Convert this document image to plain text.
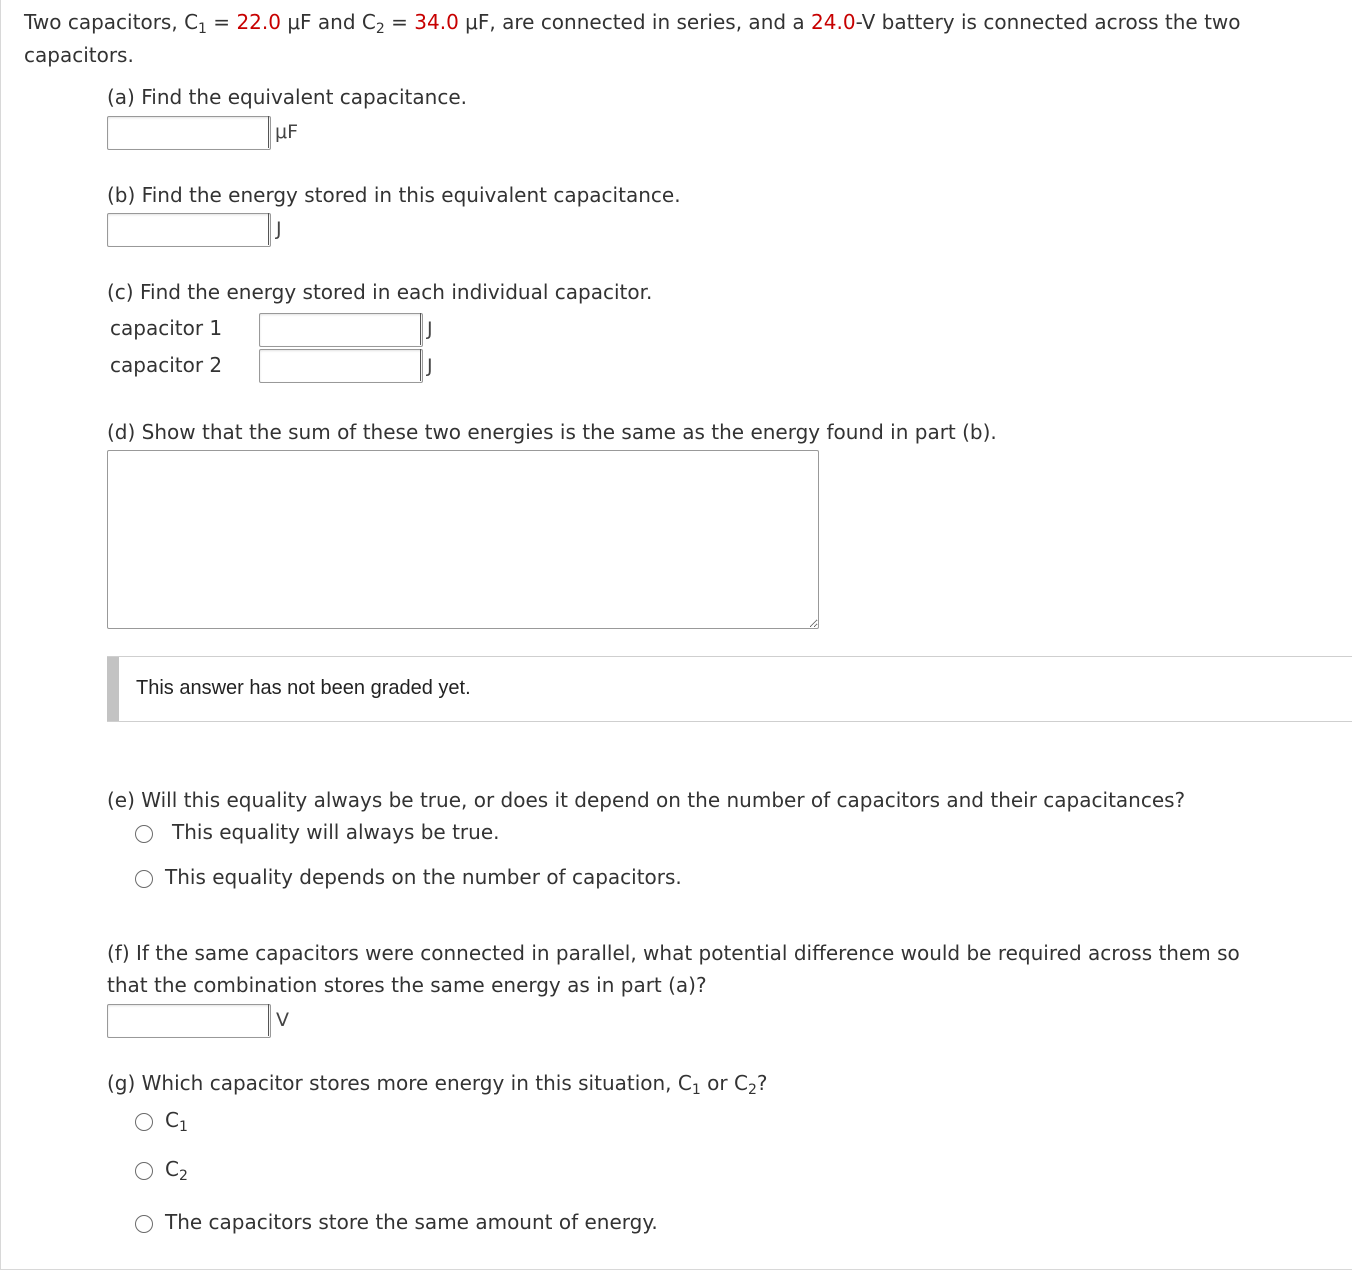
Two capacitors, $C_1 = 22.0$ μF and $C_2 = 34.0$ μF, are connected in series, and a 24.0-V battery is connected across the two
capacitors.
(a) Find the equivalent capacitance.
μF
(b) Find the energy stored in this equivalent capacitance.
J
(c) Find the energy stored in each individual capacitor.
capacitor 1	J
capacitor 2	J
(d) Show that the sum of these two energies is the same as the energy found in part (b).
This answer has not been graded yet.
(e) Will this equality always be true, or does it depend on the number of capacitors and their capacitances?
This equality will always be true.
This equality depends on the number of capacitors.
(f) If the same capacitors were connected in parallel, what potential difference would be required across them so
that the combination stores the same energy as in part (a)?
V
(g) Which capacitor stores more energy in this situation, $C_1$ or $C_2$?
$C_1$
$C_2$
The capacitors store the same amount of energy.
